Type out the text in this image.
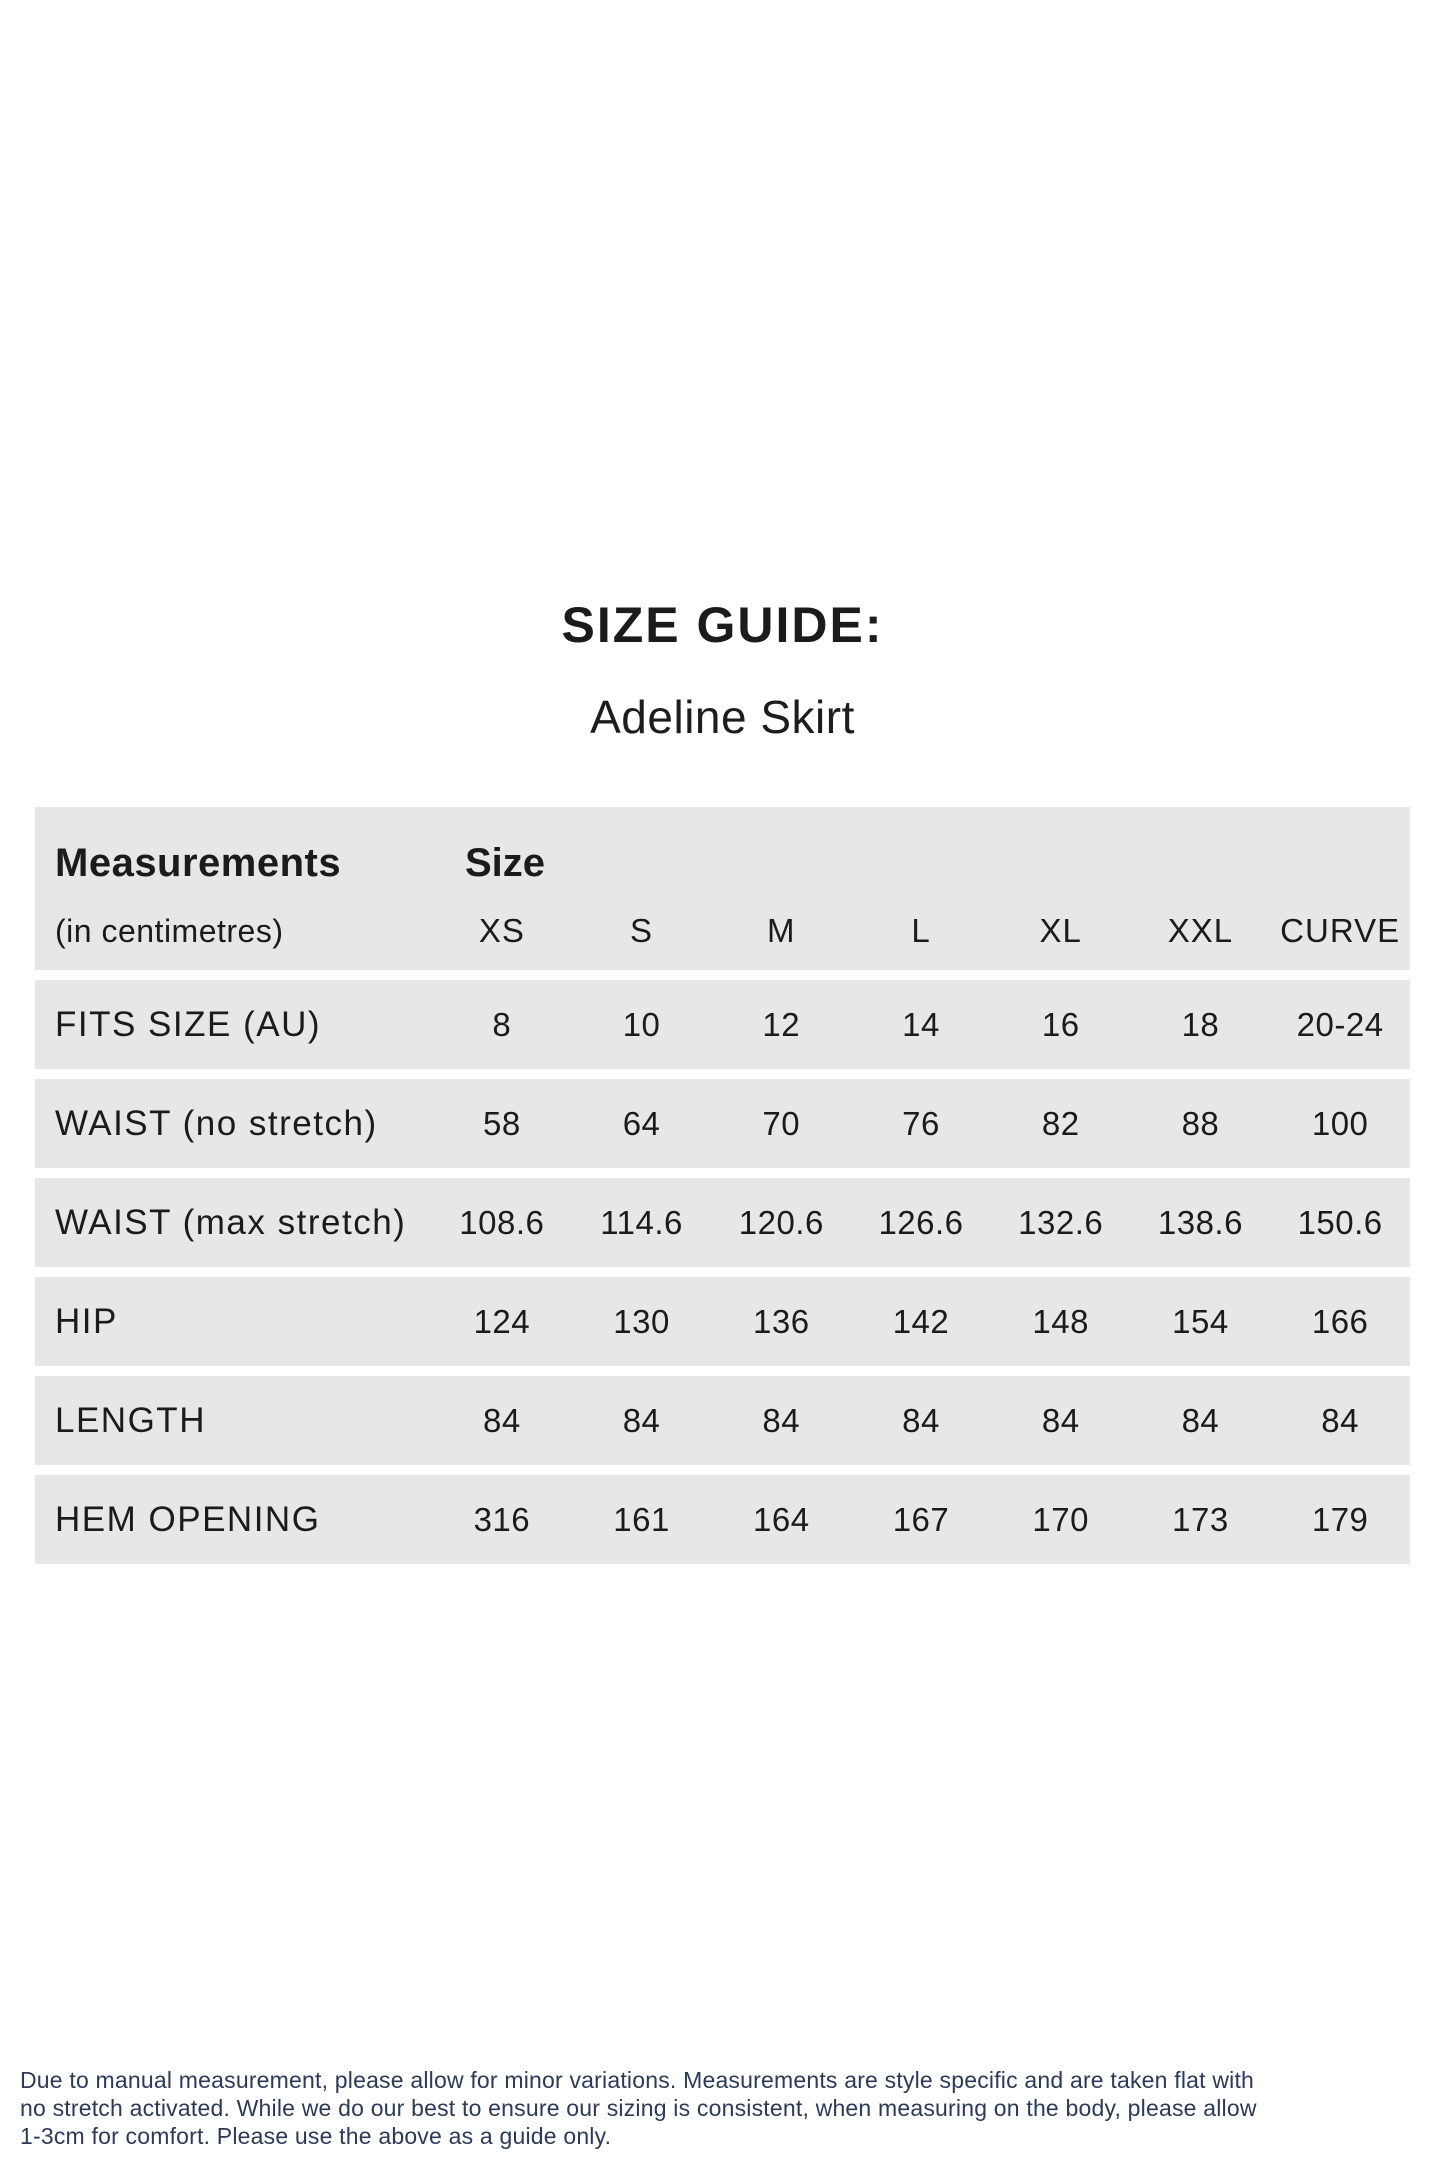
SIZE GUIDE:
Adeline Skirt
Measurements	Size
(in centimetres)	XS	S	M	L	XL	XXL	CURVE
FITS SIZE (AU)	8	10	12	14	16	18	20-24
WAIST (no stretch)	58	64	70	76	82	88	100
WAIST (max stretch)	108.6	114.6	120.6	126.6	132.6	138.6	150.6
HIP	124	130	136	142	148	154	166
LENGTH	84	84	84	84	84	84	84
HEM OPENING	316	161	164	167	170	173	179
Due to manual measurement, please allow for minor variations. Measurements are style specific and are taken flat with
no stretch activated. While we do our best to ensure our sizing is consistent, when measuring on the body, please allow
1-3cm for comfort. Please use the above as a guide only.
